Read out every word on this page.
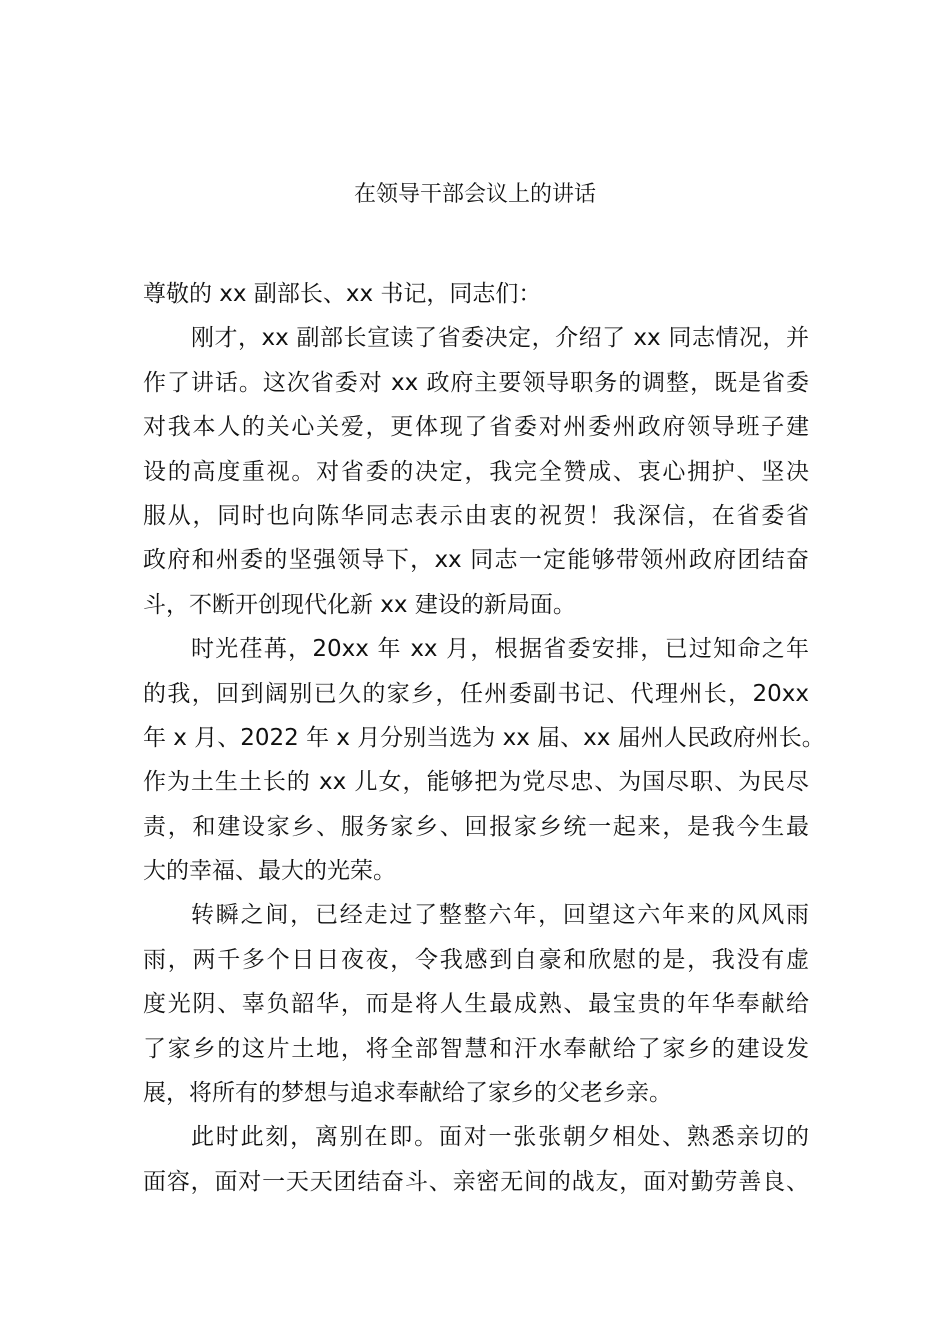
在领导干部会议上的讲话
尊敬的 xx 副部长、xx 书记，同志们：
刚才，xx 副部长宣读了省委决定，介绍了 xx 同志情况，并
作了讲话。这次省委对 xx 政府主要领导职务的调整，既是省委
对我本人的关心关爱，更体现了省委对州委州政府领导班子建
设的高度重视。对省委的决定，我完全赞成、衷心拥护、坚决
服从，同时也向陈华同志表示由衷的祝贺！我深信，在省委省
政府和州委的坚强领导下，xx 同志一定能够带领州政府团结奋
斗，不断开创现代化新 xx 建设的新局面。
时光荏苒，20xx 年 xx 月，根据省委安排，已过知命之年
的我，回到阔别已久的家乡，任州委副书记、代理州长，20xx
年 x 月、2022 年 x 月分别当选为 xx 届、xx 届州人民政府州长。
作为土生土长的 xx 儿女，能够把为党尽忠、为国尽职、为民尽
责，和建设家乡、服务家乡、回报家乡统一起来，是我今生最
大的幸福、最大的光荣。
转瞬之间，已经走过了整整六年，回望这六年来的风风雨
雨，两千多个日日夜夜，令我感到自豪和欣慰的是，我没有虚
度光阴、辜负韶华，而是将人生最成熟、最宝贵的年华奉献给
了家乡的这片土地，将全部智慧和汗水奉献给了家乡的建设发
展，将所有的梦想与追求奉献给了家乡的父老乡亲。
此时此刻，离别在即。面对一张张朝夕相处、熟悉亲切的
面容，面对一天天团结奋斗、亲密无间的战友，面对勤劳善良、
